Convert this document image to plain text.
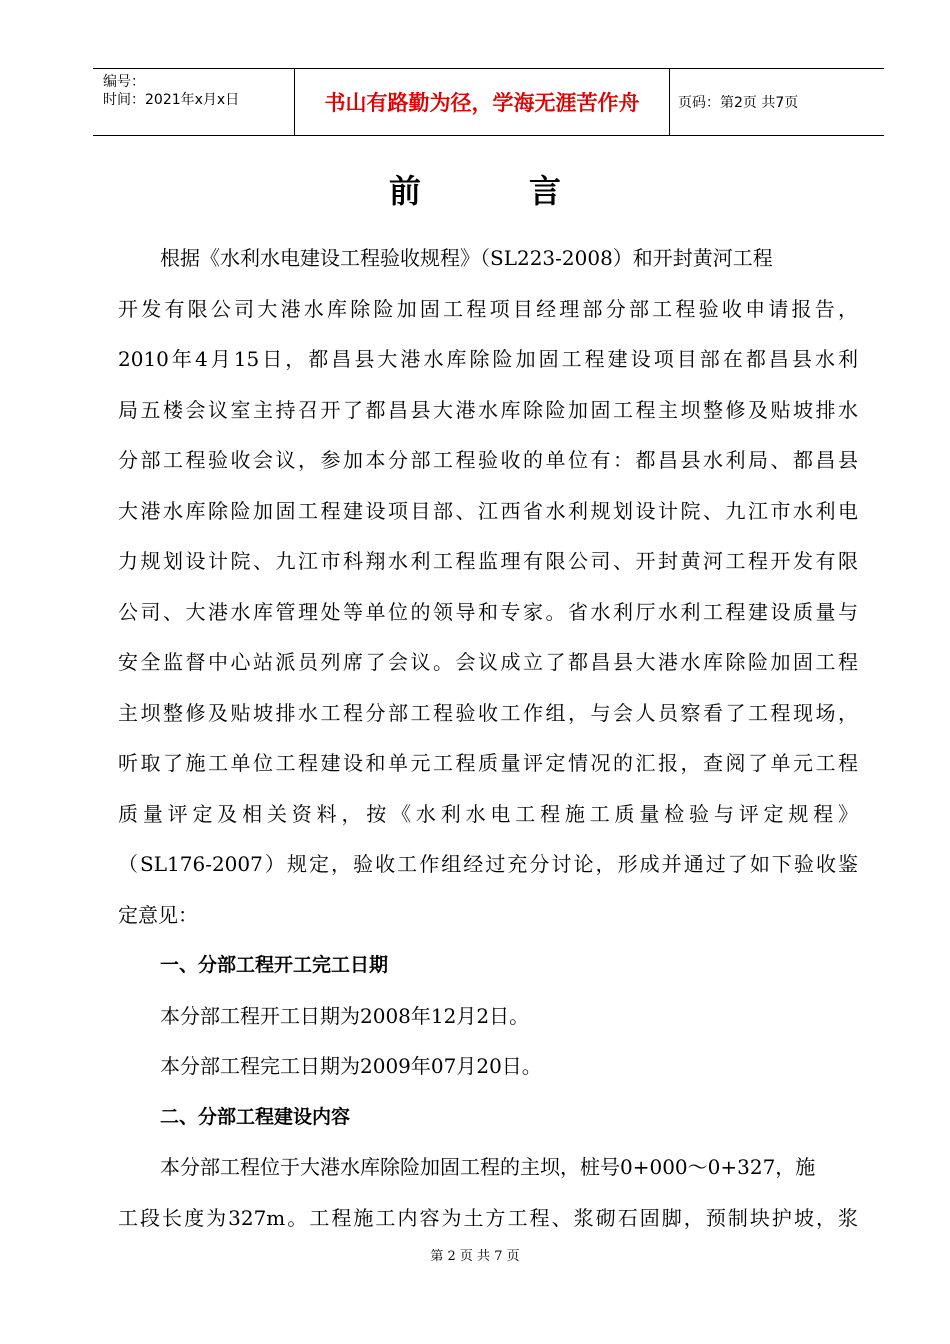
编号：
时间：2021年x月x日	书山有路勤为径，学海无涯苦作舟	页码：第2页 共7页
前言
根据《水利水电建设工程验收规程》（SL223-2008）和开封黄河工程
开发有限公司大港水库除险加固工程项目经理部分部工程验收申请报告，
2010年4月15日，都昌县大港水库除险加固工程建设项目部在都昌县水利
局五楼会议室主持召开了都昌县大港水库除险加固工程主坝整修及贴坡排水
分部工程验收会议，参加本分部工程验收的单位有：都昌县水利局、都昌县
大港水库除险加固工程建设项目部、江西省水利规划设计院、九江市水利电
力规划设计院、九江市科翔水利工程监理有限公司、开封黄河工程开发有限
公司、大港水库管理处等单位的领导和专家。省水利厅水利工程建设质量与
安全监督中心站派员列席了会议。会议成立了都昌县大港水库除险加固工程
主坝整修及贴坡排水工程分部工程验收工作组，与会人员察看了工程现场，
听取了施工单位工程建设和单元工程质量评定情况的汇报，查阅了单元工程
质量评定及相关资料，按《水利水电工程施工质量检验与评定规程》
（SL176-2007）规定，验收工作组经过充分讨论，形成并通过了如下验收鉴
定意见：
一、分部工程开工完工日期
本分部工程开工日期为2008年12月2日。
本分部工程完工日期为2009年07月20日。
二、分部工程建设内容
本分部工程位于大港水库除险加固工程的主坝，桩号0+000～0+327，施
工段长度为327m。工程施工内容为土方工程、浆砌石固脚，预制块护坡，浆
第 2 页 共 7 页
